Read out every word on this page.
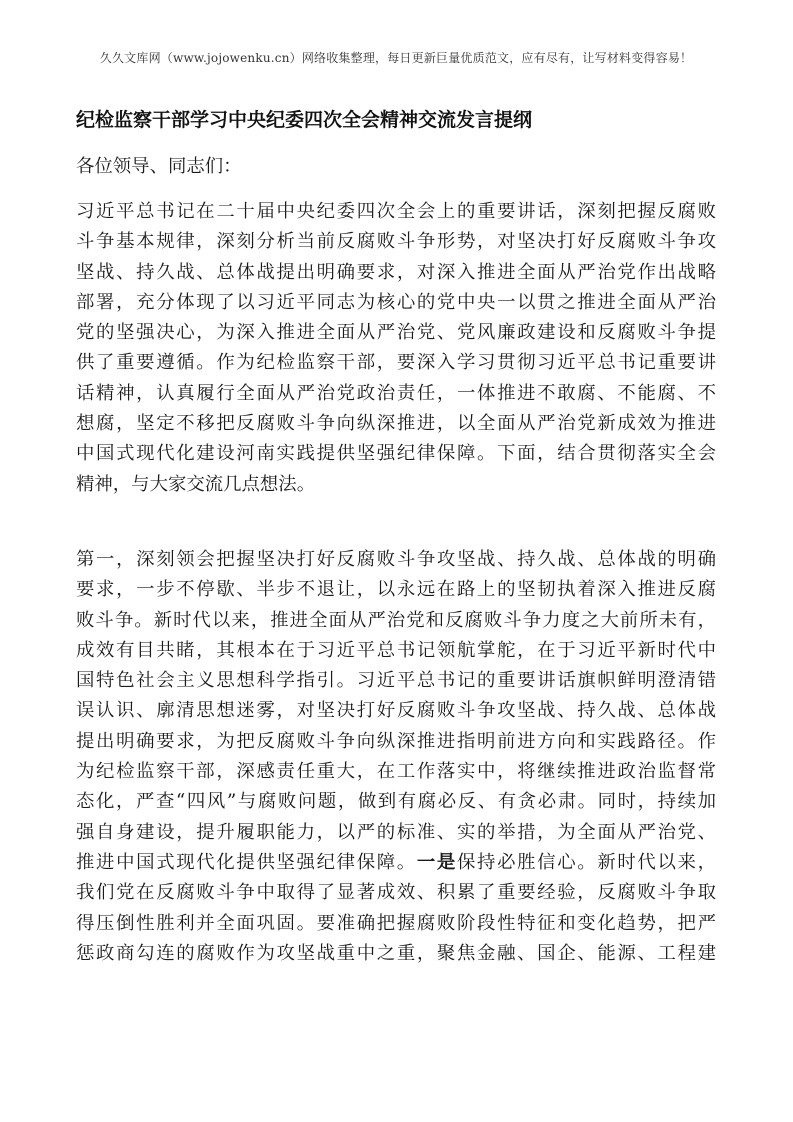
久久文库网（www.jojowenku.cn）网络收集整理，每日更新巨量优质范文，应有尽有，让写材料变得容易！
纪检监察干部学习中央纪委四次全会精神交流发言提纲
各位领导、同志们：
习近平总书记在二十届中央纪委四次全会上的重要讲话，深刻把握反腐败
斗争基本规律，深刻分析当前反腐败斗争形势，对坚决打好反腐败斗争攻
坚战、持久战、总体战提出明确要求，对深入推进全面从严治党作出战略
部署，充分体现了以习近平同志为核心的党中央一以贯之推进全面从严治
党的坚强决心，为深入推进全面从严治党、党风廉政建设和反腐败斗争提
供了重要遵循。作为纪检监察干部，要深入学习贯彻习近平总书记重要讲
话精神，认真履行全面从严治党政治责任，一体推进不敢腐、不能腐、不
想腐，坚定不移把反腐败斗争向纵深推进，以全面从严治党新成效为推进
中国式现代化建设河南实践提供坚强纪律保障。下面，结合贯彻落实全会
精神，与大家交流几点想法。
第一，深刻领会把握坚决打好反腐败斗争攻坚战、持久战、总体战的明确
要求，一步不停歇、半步不退让，以永远在路上的坚韧执着深入推进反腐
败斗争。新时代以来，推进全面从严治党和反腐败斗争力度之大前所未有，
成效有目共睹，其根本在于习近平总书记领航掌舵，在于习近平新时代中
国特色社会主义思想科学指引。习近平总书记的重要讲话旗帜鲜明澄清错
误认识、廓清思想迷雾，对坚决打好反腐败斗争攻坚战、持久战、总体战
提出明确要求，为把反腐败斗争向纵深推进指明前进方向和实践路径。作
为纪检监察干部，深感责任重大，在工作落实中，将继续推进政治监督常
态化，严查“四风”与腐败问题，做到有腐必反、有贪必肃。同时，持续加
强自身建设，提升履职能力，以严的标准、实的举措，为全面从严治党、
推进中国式现代化提供坚强纪律保障。一是保持必胜信心。新时代以来，
我们党在反腐败斗争中取得了显著成效、积累了重要经验，反腐败斗争取
得压倒性胜利并全面巩固。要准确把握腐败阶段性特征和变化趋势，把严
惩政商勾连的腐败作为攻坚战重中之重，聚焦金融、国企、能源、工程建
